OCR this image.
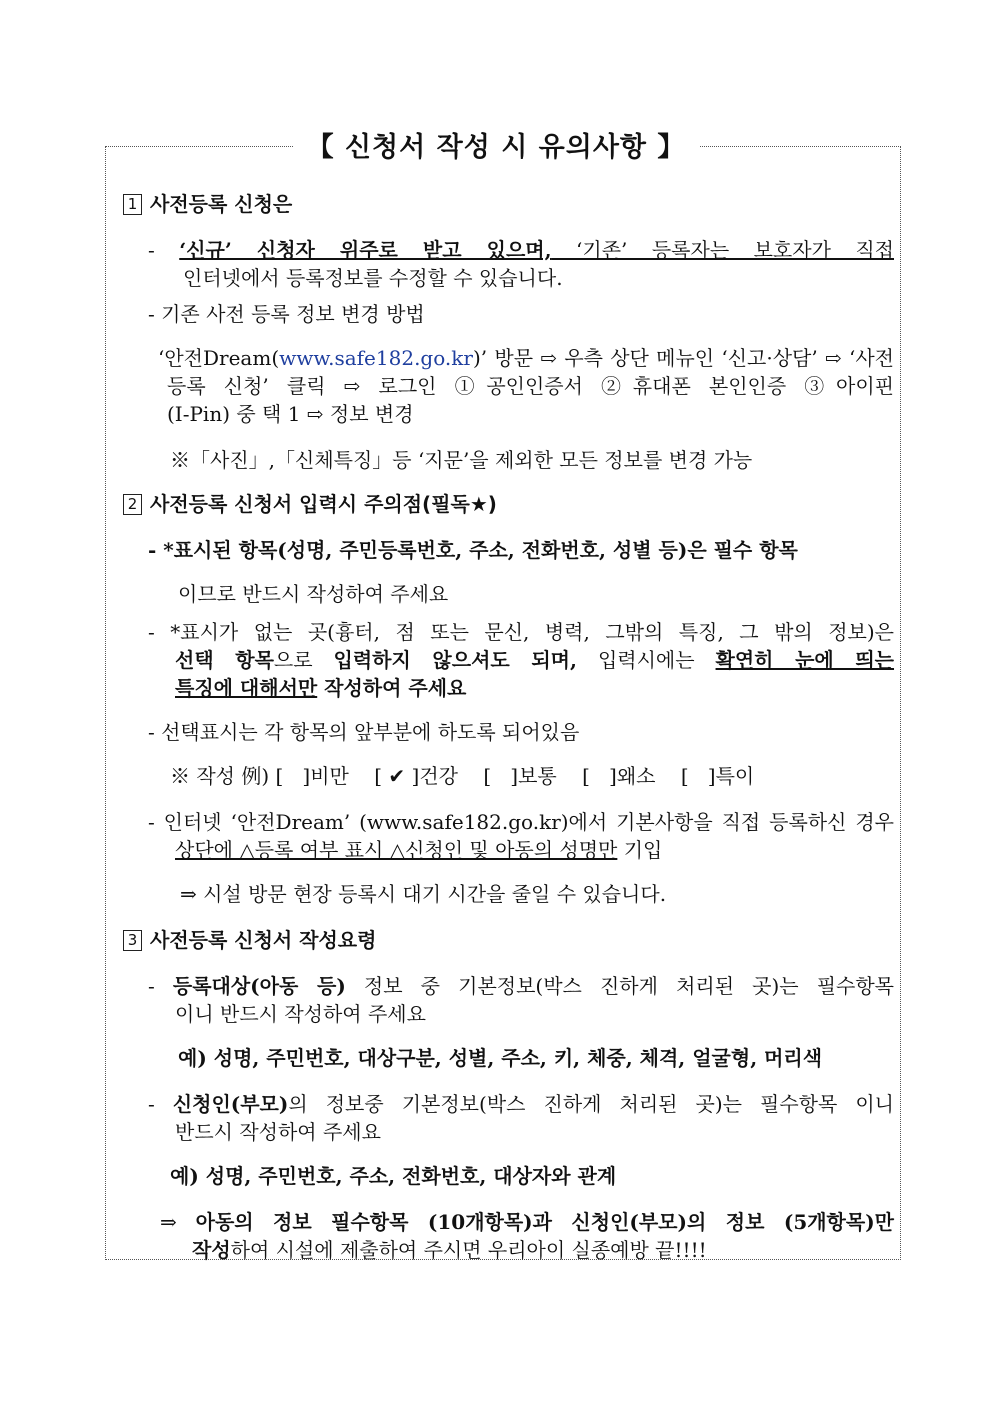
【 신청서 작성 시 유의사항 】
1 사전등록 신청은
- ‘신규’ 신청자 위주로 받고 있으며, ‘기존’ 등록자는 보호자가 직접
인터넷에서 등록정보를 수정할 수 있습니다.
- 기존 사전 등록 정보 변경 방법
‘안전Dream(www.safe182.go.kr)’ 방문 ⇨ 우측 상단 메뉴인 ‘신고·상담’ ⇨ ‘사전
등록 신청’ 클릭 ⇨ 로그인 ①공인인증서 ②휴대폰 본인인증 ③아이핀
(I-Pin) 중 택 1 ⇨ 정보 변경
※「사진」,「신체특징」등 ‘지문’을 제외한 모든 정보를 변경 가능
2 사전등록 신청서 입력시 주의점(필독★)
- *표시된 항목(성명, 주민등록번호, 주소, 전화번호, 성별 등)은 필수 항목
이므로 반드시 작성하여 주세요
- *표시가 없는 곳(흉터, 점 또는 문신, 병력, 그밖의 특징, 그 밖의 정보)은
선택 항목으로 입력하지 않으셔도 되며, 입력시에는 확연히 눈에 띄는
특징에 대해서만 작성하여 주세요
- 선택표시는 각 항목의 앞부분에 하도록 되어있음
※ 작성 例) [   ]비만    [ ✔ ]건강    [   ]보통    [   ]왜소    [   ]특이
- 인터넷 ‘안전Dream’ (www.safe182.go.kr)에서 기본사항을 직접 등록하신 경우
상단에 △등록 여부 표시 △신청인 및 아동의 성명만 기입
⇒ 시설 방문 현장 등록시 대기 시간을 줄일 수 있습니다.
3 사전등록 신청서 작성요령
- 등록대상(아동 등) 정보 중 기본정보(박스 진하게 처리된 곳)는 필수항목
이니 반드시 작성하여 주세요
예) 성명, 주민번호, 대상구분, 성별, 주소, 키, 체중, 체격, 얼굴형, 머리색
- 신청인(부모)의 정보중 기본정보(박스 진하게 처리된 곳)는 필수항목 이니
반드시 작성하여 주세요
예) 성명, 주민번호, 주소, 전화번호, 대상자와 관계
⇒ 아동의 정보 필수항목 (10개항목)과 신청인(부모)의 정보 (5개항목)만
작성하여 시설에 제출하여 주시면 우리아이 실종예방 끝!!!!
